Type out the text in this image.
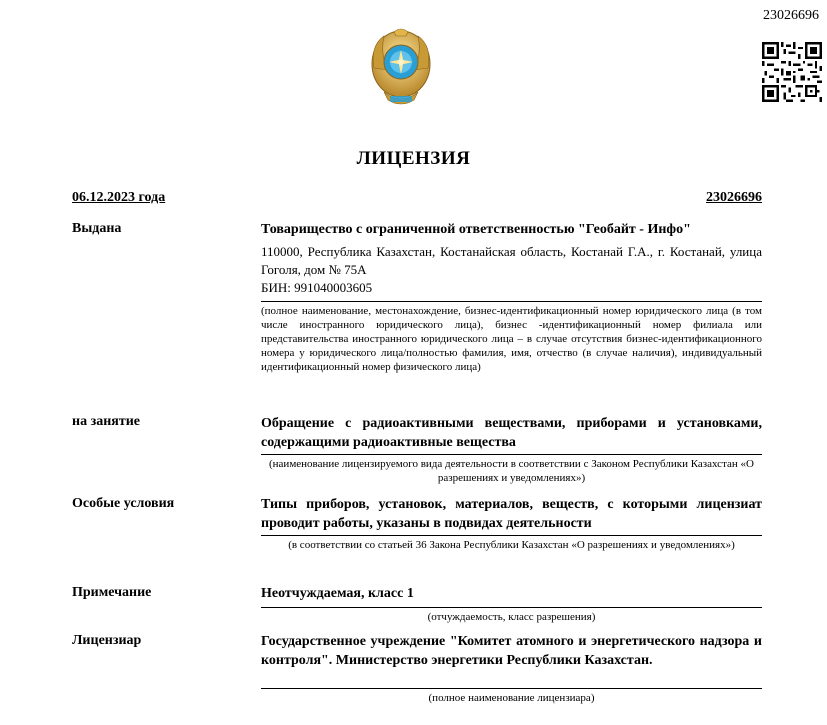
23026696
ЛИЦЕНЗИЯ
06.12.2023 года	23026696
Выдана	Товарищество с ограниченной ответственностью "Геобайт - Инфо"
110000, Республика Казахстан, Костанайская область, Костанай Г.А., г. Костанай, улица Гоголя, дом № 75А
БИН: 991040003605
(полное наименование, местонахождение, бизнес-идентификационный номер юридического лица (в том числе иностранного юридического лица), бизнес -идентификационный номер филиала или представительства иностранного юридического лица – в случае отсутствия бизнес-идентификационного номера у юридического лица/полностью фамилия, имя, отчество (в случае наличия), индивидуальный идентификационный номер физического лица)
на занятие	Обращение с радиоактивными веществами, приборами и установками, содержащими радиоактивные вещества
(наименование лицензируемого вида деятельности в соответствии с Законом Республики Казахстан «О разрешениях и уведомлениях»)
Особые условия	Типы приборов, установок, материалов, веществ, с которыми лицензиат проводит работы, указаны в подвидах деятельности
(в соответствии со статьей 36 Закона Республики Казахстан «О разрешениях и уведомлениях»)
Примечание	Неотчуждаемая, класс 1
(отчуждаемость, класс разрешения)
Лицензиар	Государственное учреждение "Комитет атомного и энергетического надзора и контроля". Министерство энергетики Республики Казахстан.
(полное наименование лицензиара)
